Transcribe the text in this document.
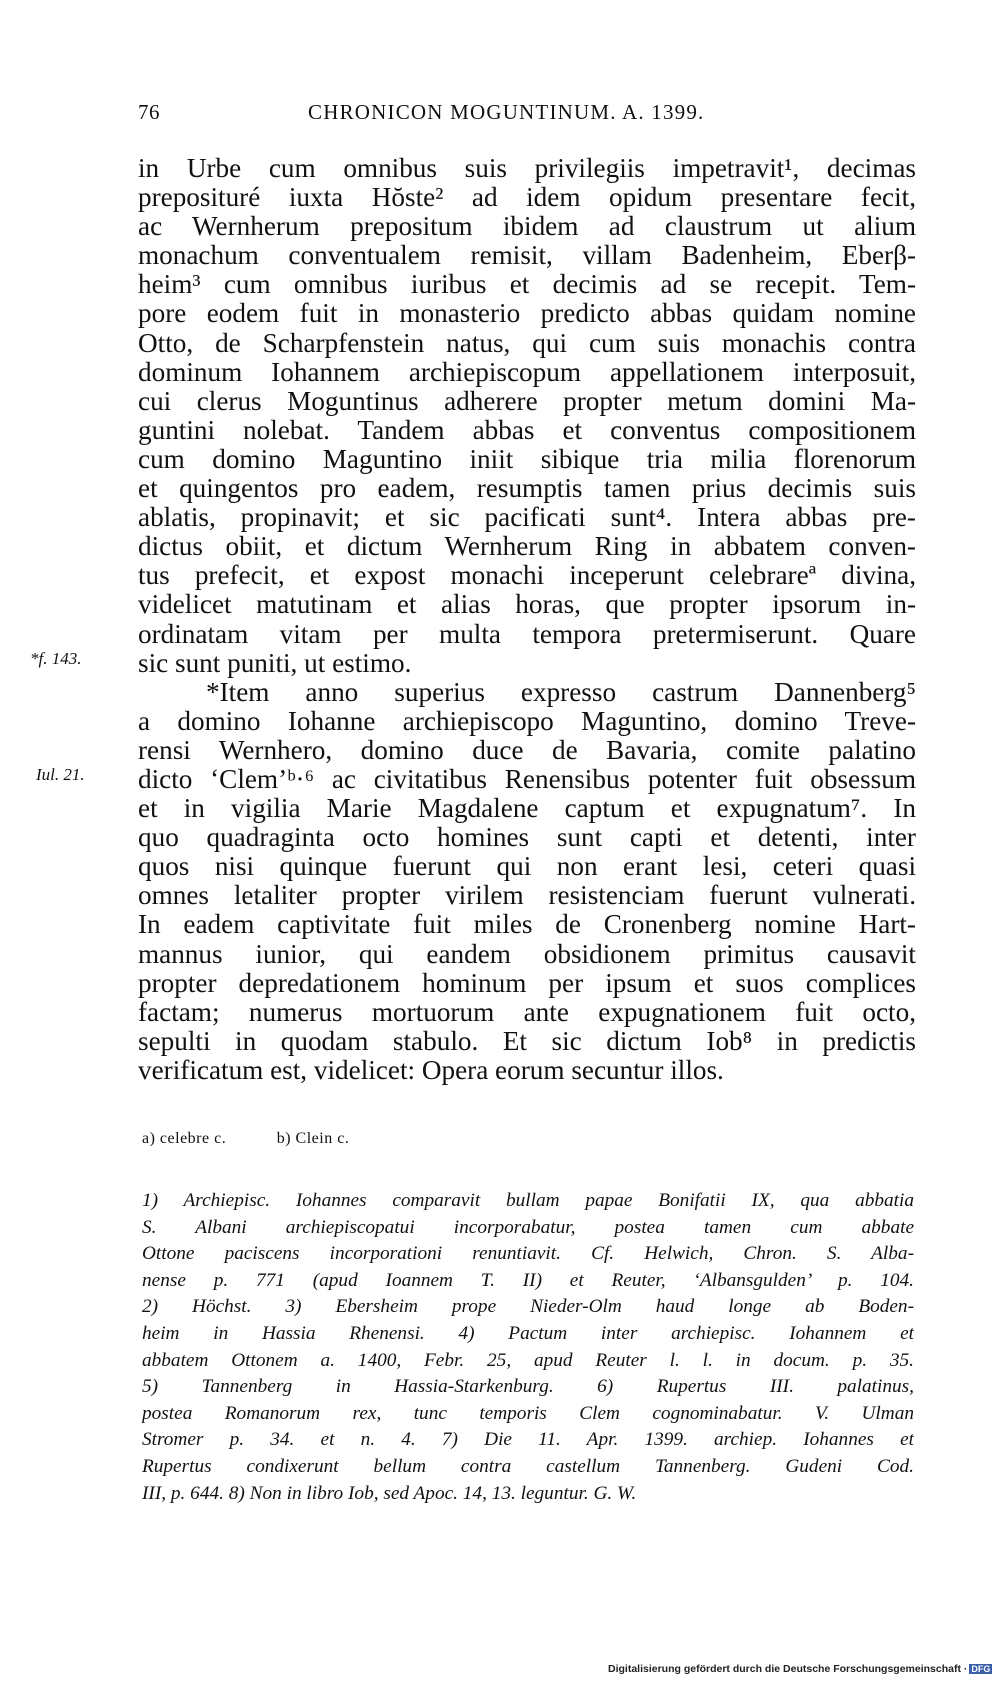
76	CHRONICON MOGUNTINUM. A. 1399.
*f. 143.
Iul. 21.
in Urbe cum omnibus suis privilegiis impetravit¹, decimas
preposituré iuxta Hŏste² ad idem opidum presentare fecit,
ac Wernherum prepositum ibidem ad claustrum ut alium
monachum conventualem remisit, villam Badenheim, Eberβ-
heim³ cum omnibus iuribus et decimis ad se recepit. Tem-
pore eodem fuit in monasterio predicto abbas quidam nomine
Otto, de Scharpfenstein natus, qui cum suis monachis contra
dominum Iohannem archiepiscopum appellationem interposuit,
cui clerus Moguntinus adherere propter metum domini Ma-
guntini nolebat. Tandem abbas et conventus compositionem
cum domino Maguntino iniit sibique tria milia florenorum
et quingentos pro eadem, resumptis tamen prius decimis suis
ablatis, propinavit; et sic pacificati sunt⁴. Intera abbas pre-
dictus obiit, et dictum Wernherum Ring in abbatem conven-
tus prefecit, et expost monachi inceperunt celebrareª divina,
videlicet matutinam et alias horas, que propter ipsorum in-
ordinatam vitam per multa tempora pretermiserunt. Quare
sic sunt puniti, ut estimo.
*Item anno superius expresso castrum Dannenberg⁵
a domino Iohanne archiepiscopo Maguntino, domino Treve-
rensi Wernhero, domino duce de Bavaria, comite palatino
dicto ‘Clem’ᵇ·⁶ ac civitatibus Renensibus potenter fuit obsessum
et in vigilia Marie Magdalene captum et expugnatum⁷. In
quo quadraginta octo homines sunt capti et detenti, inter
quos nisi quinque fuerunt qui non erant lesi, ceteri quasi
omnes letaliter propter virilem resistenciam fuerunt vulnerati.
In eadem captivitate fuit miles de Cronenberg nomine Hart-
mannus iunior, qui eandem obsidionem primitus causavit
propter depredationem hominum per ipsum et suos complices
factam; numerus mortuorum ante expugnationem fuit octo,
sepulti in quodam stabulo. Et sic dictum Iob⁸ in predictis
verificatum est, videlicet: Opera eorum secuntur illos.
a) celebre c.	b) Clein c.
1) Archiepisc. Iohannes comparavit bullam papae Bonifatii IX, qua abbatia
S. Albani archiepiscopatui incorporabatur, postea tamen cum abbate
Ottone paciscens incorporationi renuntiavit. Cf. Helwich, Chron. S. Alba-
nense p. 771 (apud Ioannem T. II) et Reuter, ‘Albansgulden’ p. 104.
2) Höchst. 3) Ebersheim prope Nieder-Olm haud longe ab Boden-
heim in Hassia Rhenensi. 4) Pactum inter archiepisc. Iohannem et
abbatem Ottonem a. 1400, Febr. 25, apud Reuter l. l. in docum. p. 35.
5) Tannenberg in Hassia-Starkenburg. 6) Rupertus III. palatinus,
postea Romanorum rex, tunc temporis Clem cognominabatur. V. Ulman
Stromer p. 34. et n. 4. 7) Die 11. Apr. 1399. archiep. Iohannes et
Rupertus condixerunt bellum contra castellum Tannenberg. Gudeni Cod.
III, p. 644. 8) Non in libro Iob, sed Apoc. 14, 13. leguntur. G. W.
Digitalisierung gefördert durch die Deutsche Forschungsgemeinschaft · DFG
